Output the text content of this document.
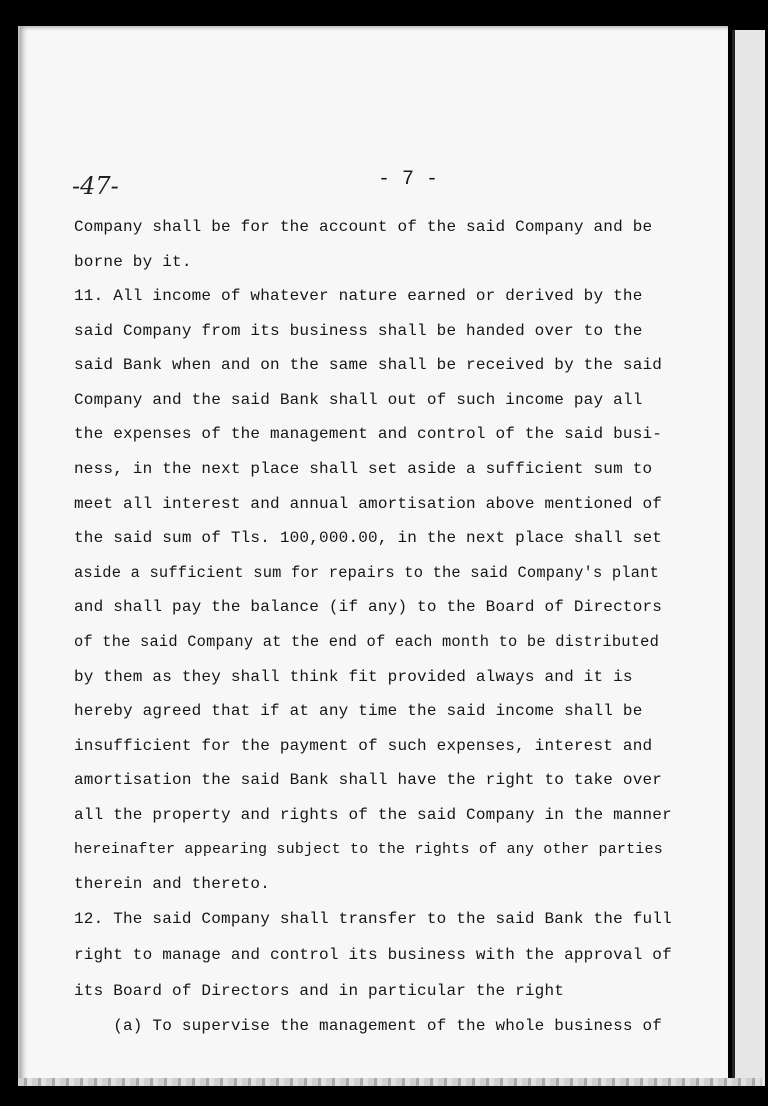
-47-	- 7 -
Company shall be for the account of the said Company and be
borne by it.
11. All income of whatever nature earned or derived by the
said Company from its business shall be handed over to the
said Bank when and on the same shall be received by the said
Company and the said Bank shall out of such income pay all
the expenses of the management and control of the said busi-
ness, in the next place shall set aside a sufficient sum to
meet all interest and annual amortisation above mentioned of
the said sum of Tls. 100,000.00, in the next place shall set
aside a sufficient sum for repairs to the said Company's plant
and shall pay the balance (if any) to the Board of Directors
of the said Company at the end of each month to be distributed
by them as they shall think fit provided always and it is
hereby agreed that if at any time the said income shall be
insufficient for the payment of such expenses, interest and
amortisation the said Bank shall have the right to take over
all the property and rights of the said Company in the manner
hereinafter appearing subject to the rights of any other parties
therein and thereto.
12. The said Company shall transfer to the said Bank the full
right to manage and control its business with the approval of
its Board of Directors and in particular the right
(a) To supervise the management of the whole business of
